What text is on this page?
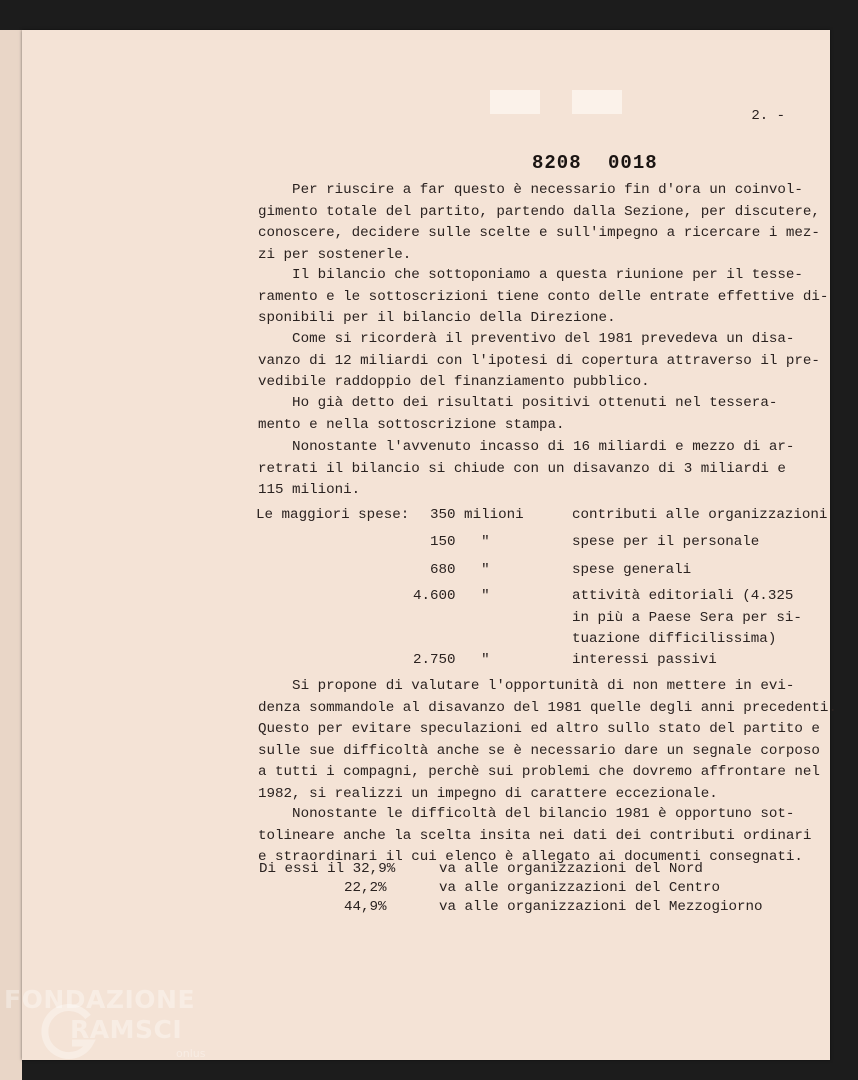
2. -
8208 0018
Per riuscire a far questo è necessario fin d'ora un coinvol-
gimento totale del partito, partendo dalla Sezione, per discutere,
conoscere, decidere sulle scelte e sull'impegno a ricercare i mez-
zi per sostenerle.
Il bilancio che sottoponiamo a questa riunione per il tesse-
ramento e le sottoscrizioni tiene conto delle entrate effettive di-
sponibili per il bilancio della Direzione.
Come si ricorderà il preventivo del 1981 prevedeva un disa-
vanzo di 12 miliardi con l'ipotesi di copertura attraverso il pre-
vedibile raddoppio del finanziamento pubblico.
Ho già detto dei risultati positivi ottenuti nel tessera-
mento e nella sottoscrizione stampa.
Nonostante l'avvenuto incasso di 16 miliardi e mezzo di ar-
retrati il bilancio si chiude con un disavanzo di 3 miliardi e
115 milioni.
Le maggiori spese: 350 milioni	contributi alle organizzazioni
150   "	spese per il personale
680   "	spese generali
4.600   "	attività editoriali (4.325
in più a Paese Sera per si-
tuazione difficilissima)
2.750   "	interessi passivi
Si propone di valutare l'opportunità di non mettere in evi-
denza sommandole al disavanzo del 1981 quelle degli anni precedenti.
Questo per evitare speculazioni ed altro sullo stato del partito e
sulle sue difficoltà anche se è necessario dare un segnale corposo
a tutti i compagni, perchè sui problemi che dovremo affrontare nel
1982, si realizzi un impegno di carattere eccezionale.
Nonostante le difficoltà del bilancio 1981 è opportuno sot-
tolineare anche la scelta insita nei dati dei contributi ordinari
e straordinari il cui elenco è allegato ai documenti consegnati.
Di essi il 32,9%	va alle organizzazioni del Nord
22,2%	va alle organizzazioni del Centro
44,9%	va alle organizzazioni del Mezzogiorno
FONDAZIONE
RAMSCI
onlus
